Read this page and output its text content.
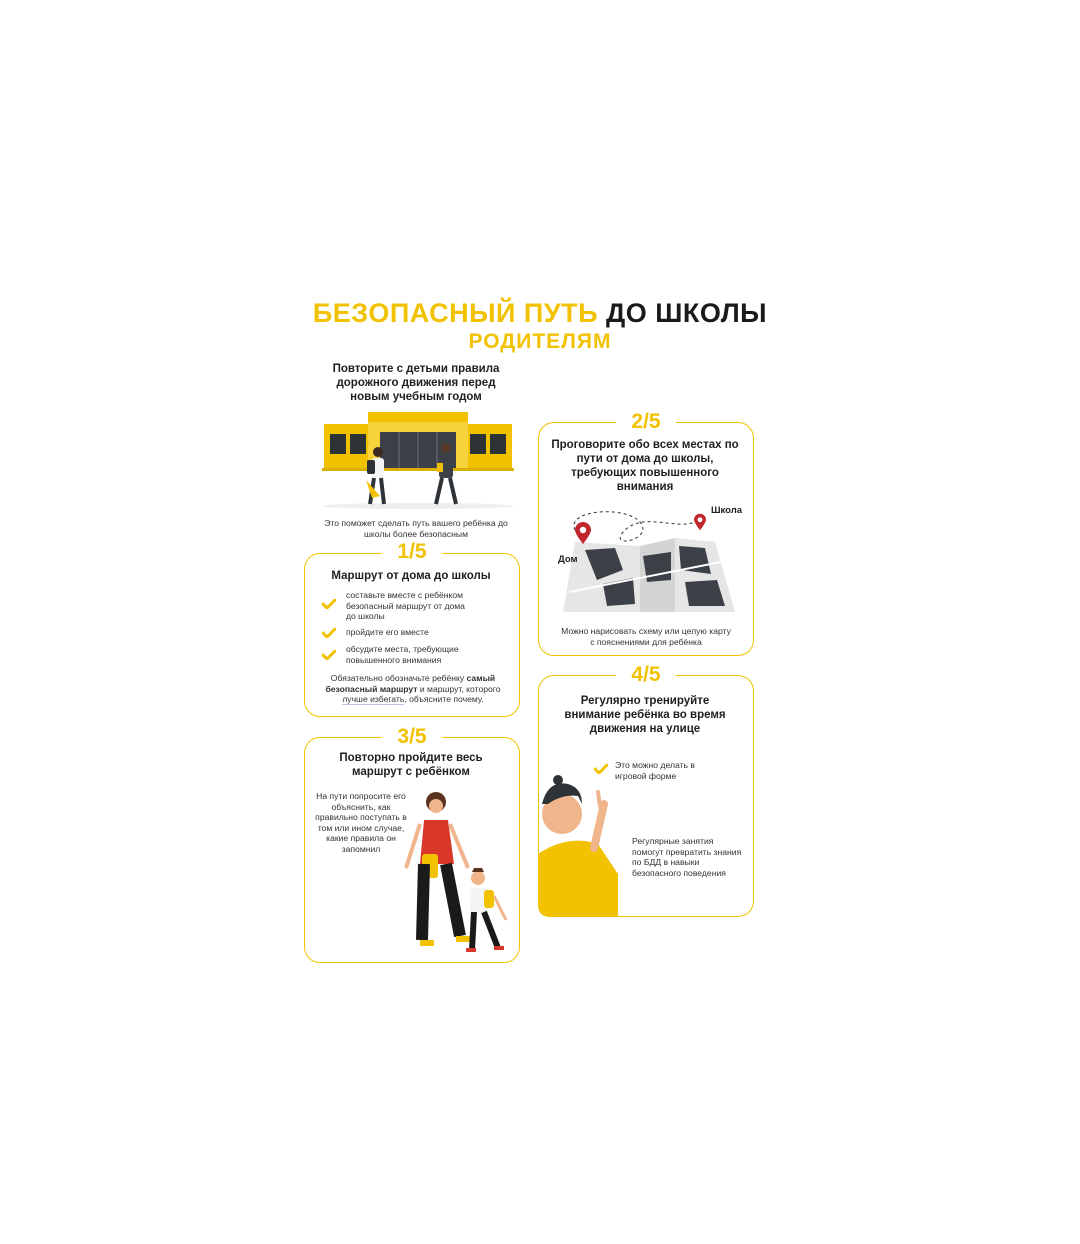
БЕЗОПАСНЫЙ ПУТЬ ДО ШКОЛЫ
РОДИТЕЛЯМ
Повторите с детьми правила дорожного движения перед новым учебным годом
Это поможет сделать путь вашего ребёнка до школы более безопасным
1/5
Маршрут от дома до школы
составьте вместе с ребёнком безопасный маршрут от дома до школы
пройдите его вместе
обсудите места, требующие повышенного внимания
Обязательно обозначьте ребёнку самый безопасный маршрут и маршрут, которого лучше избегать, объясните почему.
2/5
Проговорите обо всех местах по пути от дома до школы, требующих повышенного внимания
Дом
Школа
Можно нарисовать схему или целую карту с пояснениями для ребёнка
3/5
Повторно пройдите весь маршрут с ребёнком
На пути попросите его объяснить, как правильно поступать в том или ином случае, какие правила он запомнил
4/5
Регулярно тренируйте внимание ребёнка во время движения на улице
Это можно делать в игровой форме
Регулярные занятия помогут превратить знания по БДД в навыки безопасного поведения
